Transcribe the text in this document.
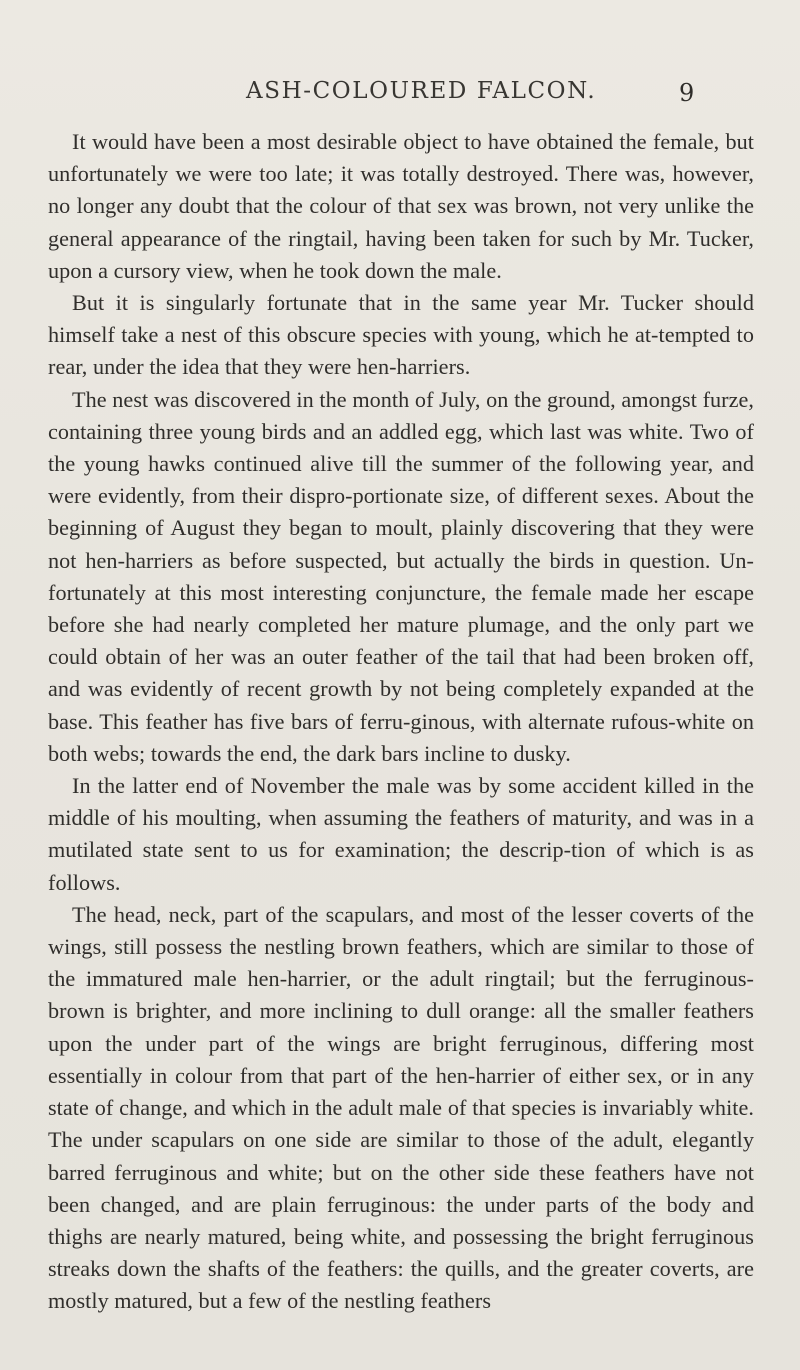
ASH-COLOURED FALCON.	9

It would have been a most desirable object to have obtained the female, but unfortunately we were too late; it was totally destroyed. There was, however, no longer any doubt that the colour of that sex was brown, not very unlike the general appearance of the ringtail, having been taken for such by Mr. Tucker, upon a cursory view, when he took down the male.

But it is singularly fortunate that in the same year Mr. Tucker should himself take a nest of this obscure species with young, which he at-tempted to rear, under the idea that they were hen-harriers.

The nest was discovered in the month of July, on the ground, amongst furze, containing three young birds and an addled egg, which last was white. Two of the young hawks continued alive till the summer of the following year, and were evidently, from their dispro-portionate size, of different sexes. About the beginning of August they began to moult, plainly discovering that they were not hen-harriers as before suspected, but actually the birds in question. Un-fortunately at this most interesting conjuncture, the female made her escape before she had nearly completed her mature plumage, and the only part we could obtain of her was an outer feather of the tail that had been broken off, and was evidently of recent growth by not being completely expanded at the base. This feather has five bars of ferru-ginous, with alternate rufous-white on both webs; towards the end, the dark bars incline to dusky.

In the latter end of November the male was by some accident killed in the middle of his moulting, when assuming the feathers of maturity, and was in a mutilated state sent to us for examination; the descrip-tion of which is as follows.

The head, neck, part of the scapulars, and most of the lesser coverts of the wings, still possess the nestling brown feathers, which are similar to those of the immatured male hen-harrier, or the adult ringtail; but the ferruginous-brown is brighter, and more inclining to dull orange: all the smaller feathers upon the under part of the wings are bright ferruginous, differing most essentially in colour from that part of the hen-harrier of either sex, or in any state of change, and which in the adult male of that species is invariably white. The under scapulars on one side are similar to those of the adult, elegantly barred ferruginous and white; but on the other side these feathers have not been changed, and are plain ferruginous: the under parts of the body and thighs are nearly matured, being white, and possessing the bright ferruginous streaks down the shafts of the feathers: the quills, and the greater coverts, are mostly matured, but a few of the nestling feathers
